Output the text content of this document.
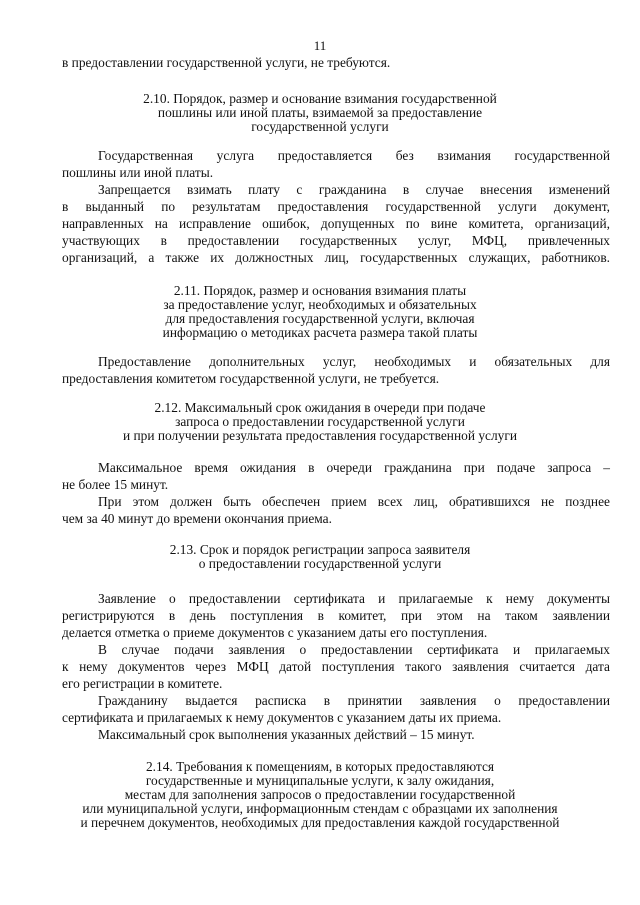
11
в предоставлении государственной услуги, не требуются.
2.10. Порядок, размер и основание взимания государственной
пошлины или иной платы, взимаемой за предоставление
государственной услуги
Государственная услуга предоставляется без взимания государственной
пошлины или иной платы.
Запрещается взимать плату с гражданина в случае внесения изменений
в выданный по результатам предоставления государственной услуги документ,
направленных на исправление ошибок, допущенных по вине комитета, организаций,
участвующих в предоставлении государственных услуг, МФЦ, привлеченных
организаций, а также их должностных лиц, государственных служащих, работников.
2.11. Порядок, размер и основания взимания платы
за предоставление услуг, необходимых и обязательных
для предоставления государственной услуги, включая
информацию о методиках расчета размера такой платы
Предоставление дополнительных услуг, необходимых и обязательных для
предоставления комитетом государственной услуги, не требуется.
2.12. Максимальный срок ожидания в очереди при подаче
запроса о предоставлении государственной услуги
и при получении результата предоставления государственной услуги
Максимальное время ожидания в очереди гражданина при подаче запроса –
не более 15 минут.
При этом должен быть обеспечен прием всех лиц, обратившихся не позднее
чем за 40 минут до времени окончания приема.
2.13. Срок и порядок регистрации запроса заявителя
о предоставлении государственной услуги
Заявление о предоставлении сертификата и прилагаемые к нему документы
регистрируются в день поступления в комитет, при этом на таком заявлении
делается отметка о приеме документов с указанием даты его поступления.
В случае подачи заявления о предоставлении сертификата и прилагаемых
к нему документов через МФЦ датой поступления такого заявления считается дата
его регистрации в комитете.
Гражданину выдается расписка в принятии заявления о предоставлении
сертификата и прилагаемых к нему документов с указанием даты их приема.
Максимальный срок выполнения указанных действий – 15 минут.
2.14. Требования к помещениям, в которых предоставляются
государственные и муниципальные услуги, к залу ожидания,
местам для заполнения запросов о предоставлении государственной
или муниципальной услуги, информационным стендам с образцами их заполнения
и перечнем документов, необходимых для предоставления каждой государственной
